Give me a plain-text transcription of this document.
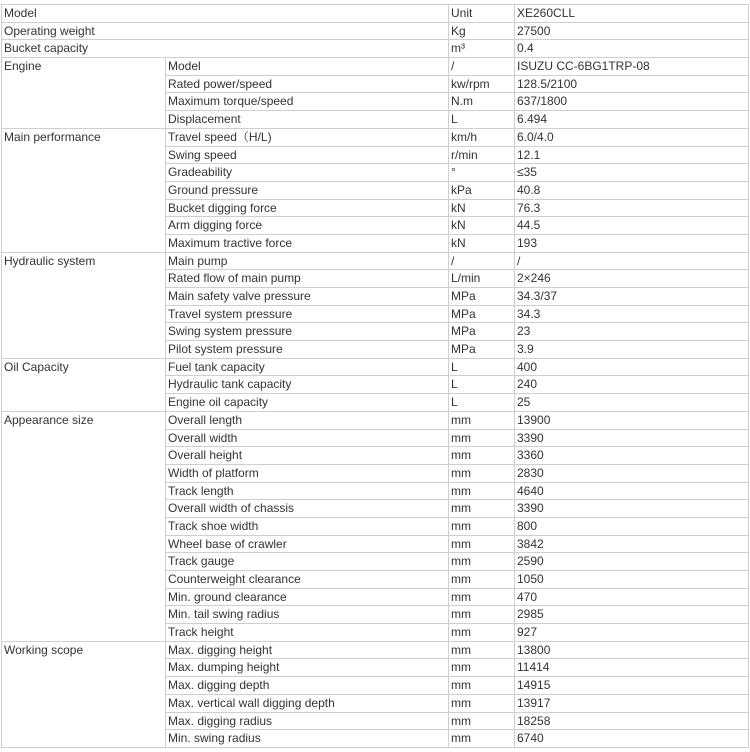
Model		Unit	XE260CLL
Operating weight		Kg	27500
Bucket capacity		m³	0.4
Engine	Model	/	ISUZU CC-6BG1TRP-08
	Rated power/speed	kw/rpm	128.5/2100
	Maximum torque/speed	N.m	637/1800
	Displacement	L	6.494
Main performance	Travel speed（H/L)	km/h	6.0/4.0
	Swing speed	r/min	12.1
	Gradeability	°	≤35
	Ground pressure	kPa	40.8
	Bucket digging force	kN	76.3
	Arm digging force	kN	44.5
	Maximum tractive force	kN	193
Hydraulic system	Main pump	/	/
	Rated flow of main pump	L/min	2×246
	Main safety valve pressure	MPa	34.3/37
	Travel system pressure	MPa	34.3
	Swing system pressure	MPa	23
	Pilot system pressure	MPa	3.9
Oil Capacity	Fuel tank capacity	L	400
	Hydraulic tank capacity	L	240
	Engine oil capacity	L	25
Appearance size	Overall length	mm	13900
	Overall width	mm	3390
	Overall height	mm	3360
	Width of platform	mm	2830
	Track length	mm	4640
	Overall width of chassis	mm	3390
	Track shoe width	mm	800
	Wheel base of crawler	mm	3842
	Track gauge	mm	2590
	Counterweight clearance	mm	1050
	Min. ground clearance	mm	470
	Min. tail swing radius	mm	2985
	Track height	mm	927
Working scope	Max. digging height	mm	13800
	Max. dumping height	mm	11414
	Max. digging depth	mm	14915
	Max. vertical wall digging depth	mm	13917
	Max. digging radius	mm	18258
	Min. swing radius	mm	6740
